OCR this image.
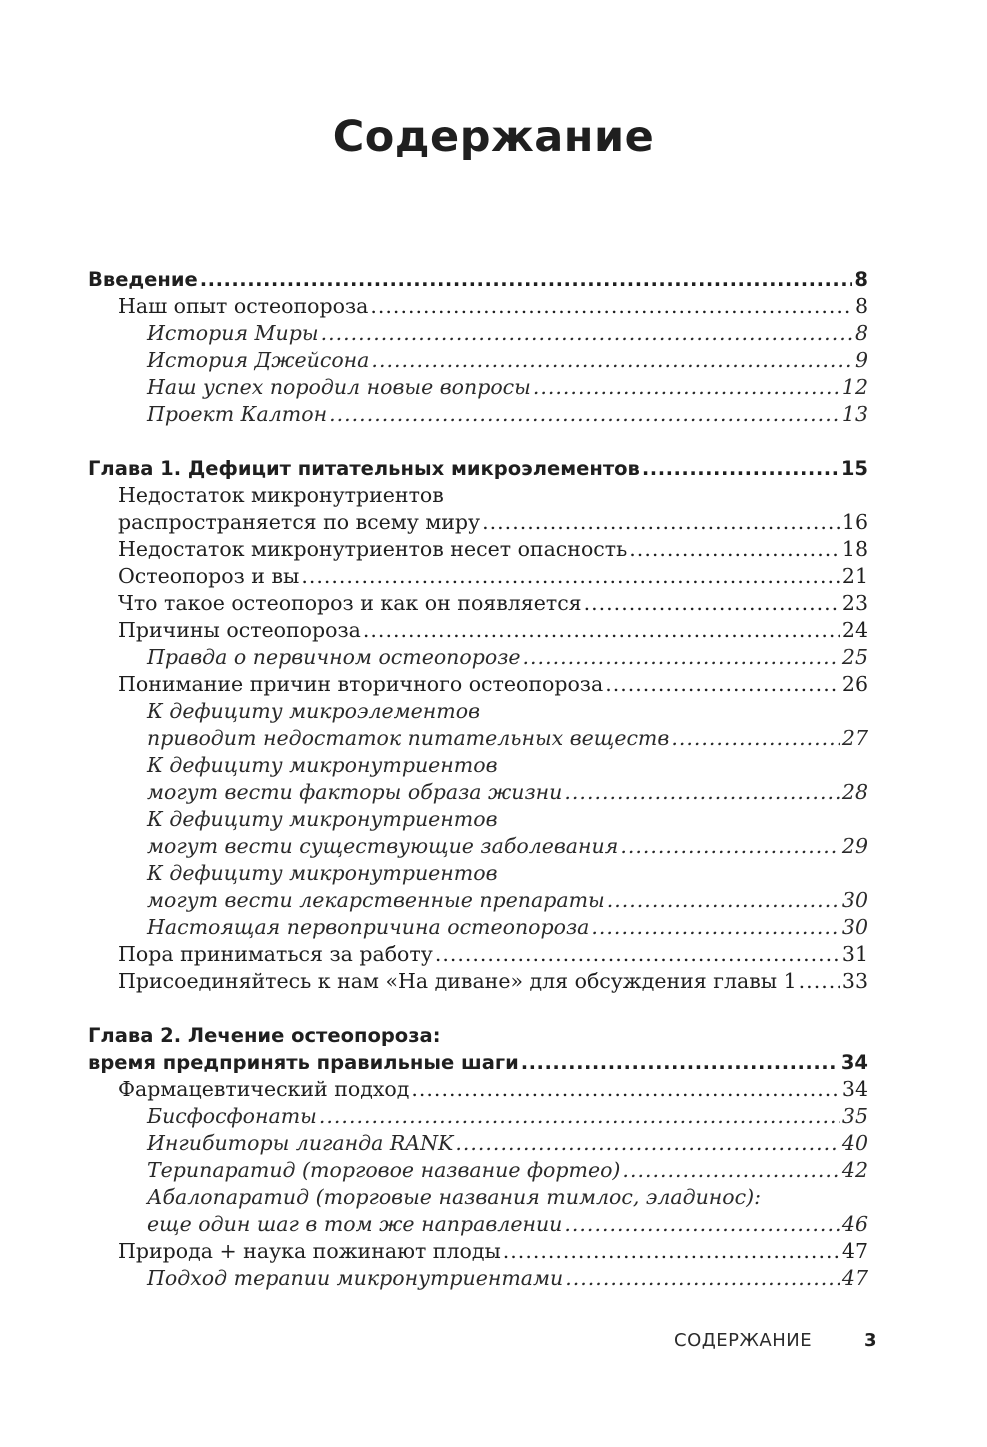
Содержание
Введение .....	8
Наш опыт остеопороза .....	8
История Миры .....	8
История Джейсона .....	9
Наш успех породил новые вопросы .....	12
Проект Калтон .....	13
Глава 1. Дефицит питательных микроэлементов .....	15
Недостаток микронутриентов
распространяется по всему миру .....	16
Недостаток микронутриентов несет опасность .....	18
Остеопороз и вы .....	21
Что такое остеопороз и как он появляется .....	23
Причины остеопороза .....	24
Правда о первичном остеопорозе .....	25
Понимание причин вторичного остеопороза .....	26
К дефициту микроэлементов
приводит недостаток питательных веществ .....	27
К дефициту микронутриентов
могут вести факторы образа жизни .....	28
К дефициту микронутриентов
могут вести существующие заболевания .....	29
К дефициту микронутриентов
могут вести лекарственные препараты .....	30
Настоящая первопричина остеопороза .....	30
Пора приниматься за работу .....	31
Присоединяйтесь к нам «На диване» для обсуждения главы 1 ..... 33
Глава 2. Лечение остеопороза:
время предпринять правильные шаги .....	34
Фармацевтический подход .....	34
Бисфосфонаты .....	35
Ингибиторы лиганда RANK .....	40
Терипаратид (торговое название фортео) .....	42
Абалопаратид (торговые названия тимлос, эладинос):
еще один шаг в том же направлении .....	46
Природа + наука пожинают плоды .....	47
Подход терапии микронутриентами .....	47
СОДЕРЖАНИЕ	3
